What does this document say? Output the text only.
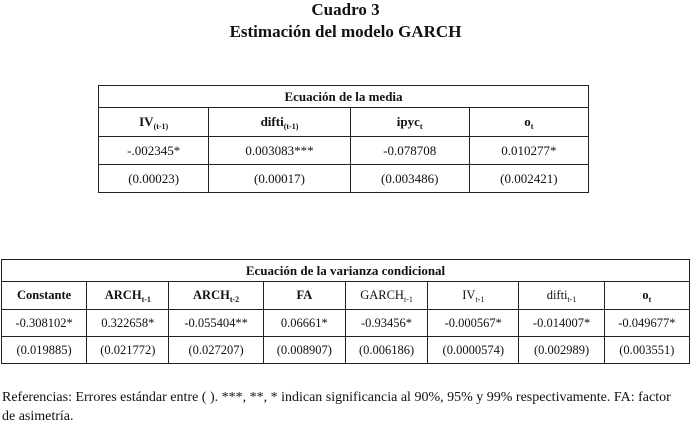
Cuadro 3
Estimación del modelo GARCH
Ecuación de la media			
$IV_{(t-1)}$	difti$_{(t-1)}$	ipyc$_t$	$o_t$
-.002345*	0.003083***	-0.078708	0.010277*
(0.00023)	(0.00017)	(0.003486)	(0.002421)
Ecuación de la varianza condicional							
Constante	$ARCH_{t-1}$	$ARCH_{t-2}$	FA	$GARCH_{t-1}$	$IV_{t-1}$	difti$_{t-1}$	$o_t$
-0.308102*	0.322658*	-0.055404**	0.06661*	-0.93456*	-0.000567*	-0.014007*	-0.049677*
(0.019885)	(0.021772)	(0.027207)	(0.008907)	(0.006186)	(0.0000574)	(0.002989)	(0.003551)
Referencias: Errores estándar entre ( ). ***, **, * indican significancia al 90%, 95% y 99% respectivamente. FA: factor de asimetría.
